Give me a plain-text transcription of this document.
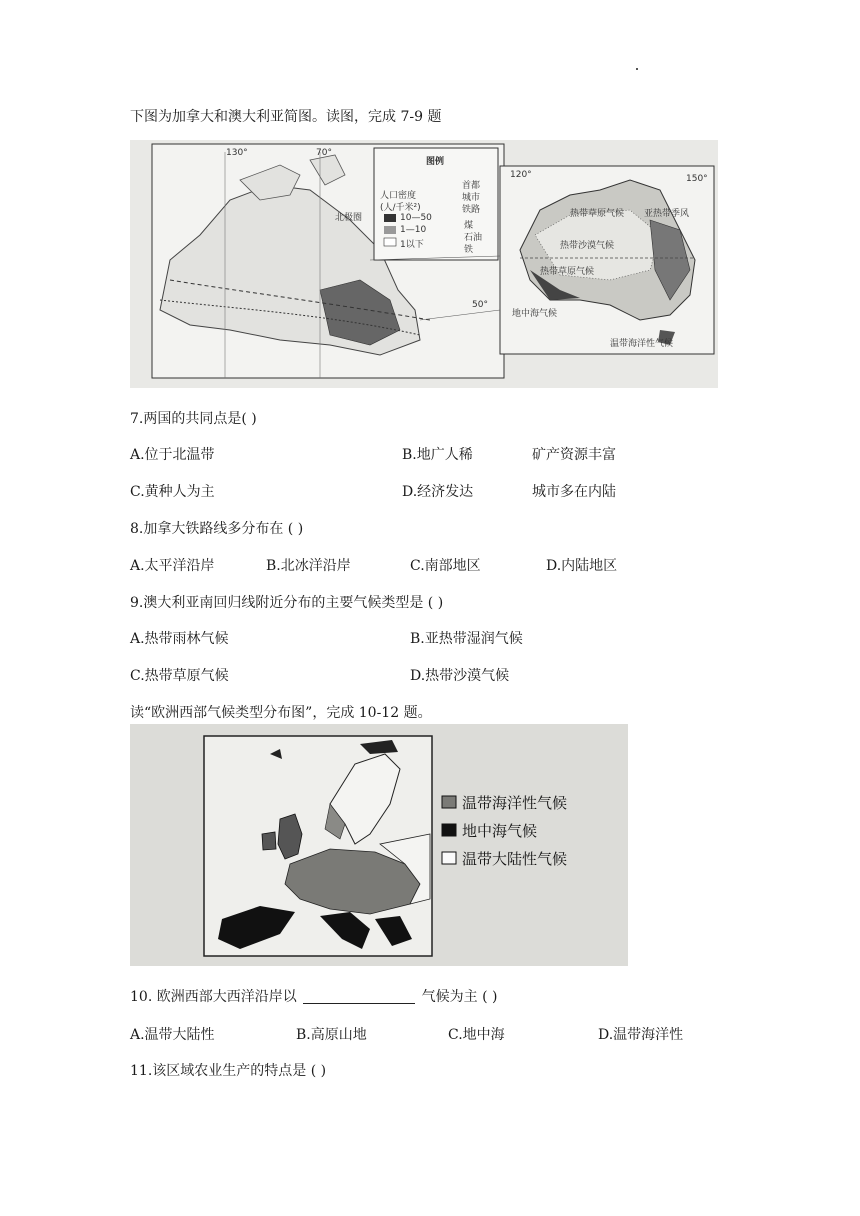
下图为加拿大和澳大利亚简图。读图，完成 7-9 题
130°	70°
北极圈
50°
图例
人口密度
(人/千米²)
10—50
1—10
1以下
首都
城市
铁路
煤
石油
铁
120°	150°
热带草原气候
热带沙漠气候
热带草原气候
亚热带季风
地中海气候
温带海洋性气候
7.两国的共同点是( )
A.位于北温带	B.地广人稀	矿产资源丰富
C.黄种人为主	D.经济发达	城市多在内陆
8.加拿大铁路线多分布在 ( )
A.太平洋沿岸	B.北冰洋沿岸	C.南部地区	D.内陆地区
9.澳大利亚南回归线附近分布的主要气候类型是 ( )
A.热带雨林气候	B.亚热带湿润气候
C.热带草原气候	D.热带沙漠气候
读“欧洲西部气候类型分布图”，完成 10-12 题。
温带海洋性气候
地中海气候
温带大陆性气候
10. 欧洲西部大西洋沿岸以	气候为主 ( )
A.温带大陆性	B.高原山地	C.地中海	D.温带海洋性
11.该区域农业生产的特点是 ( )
